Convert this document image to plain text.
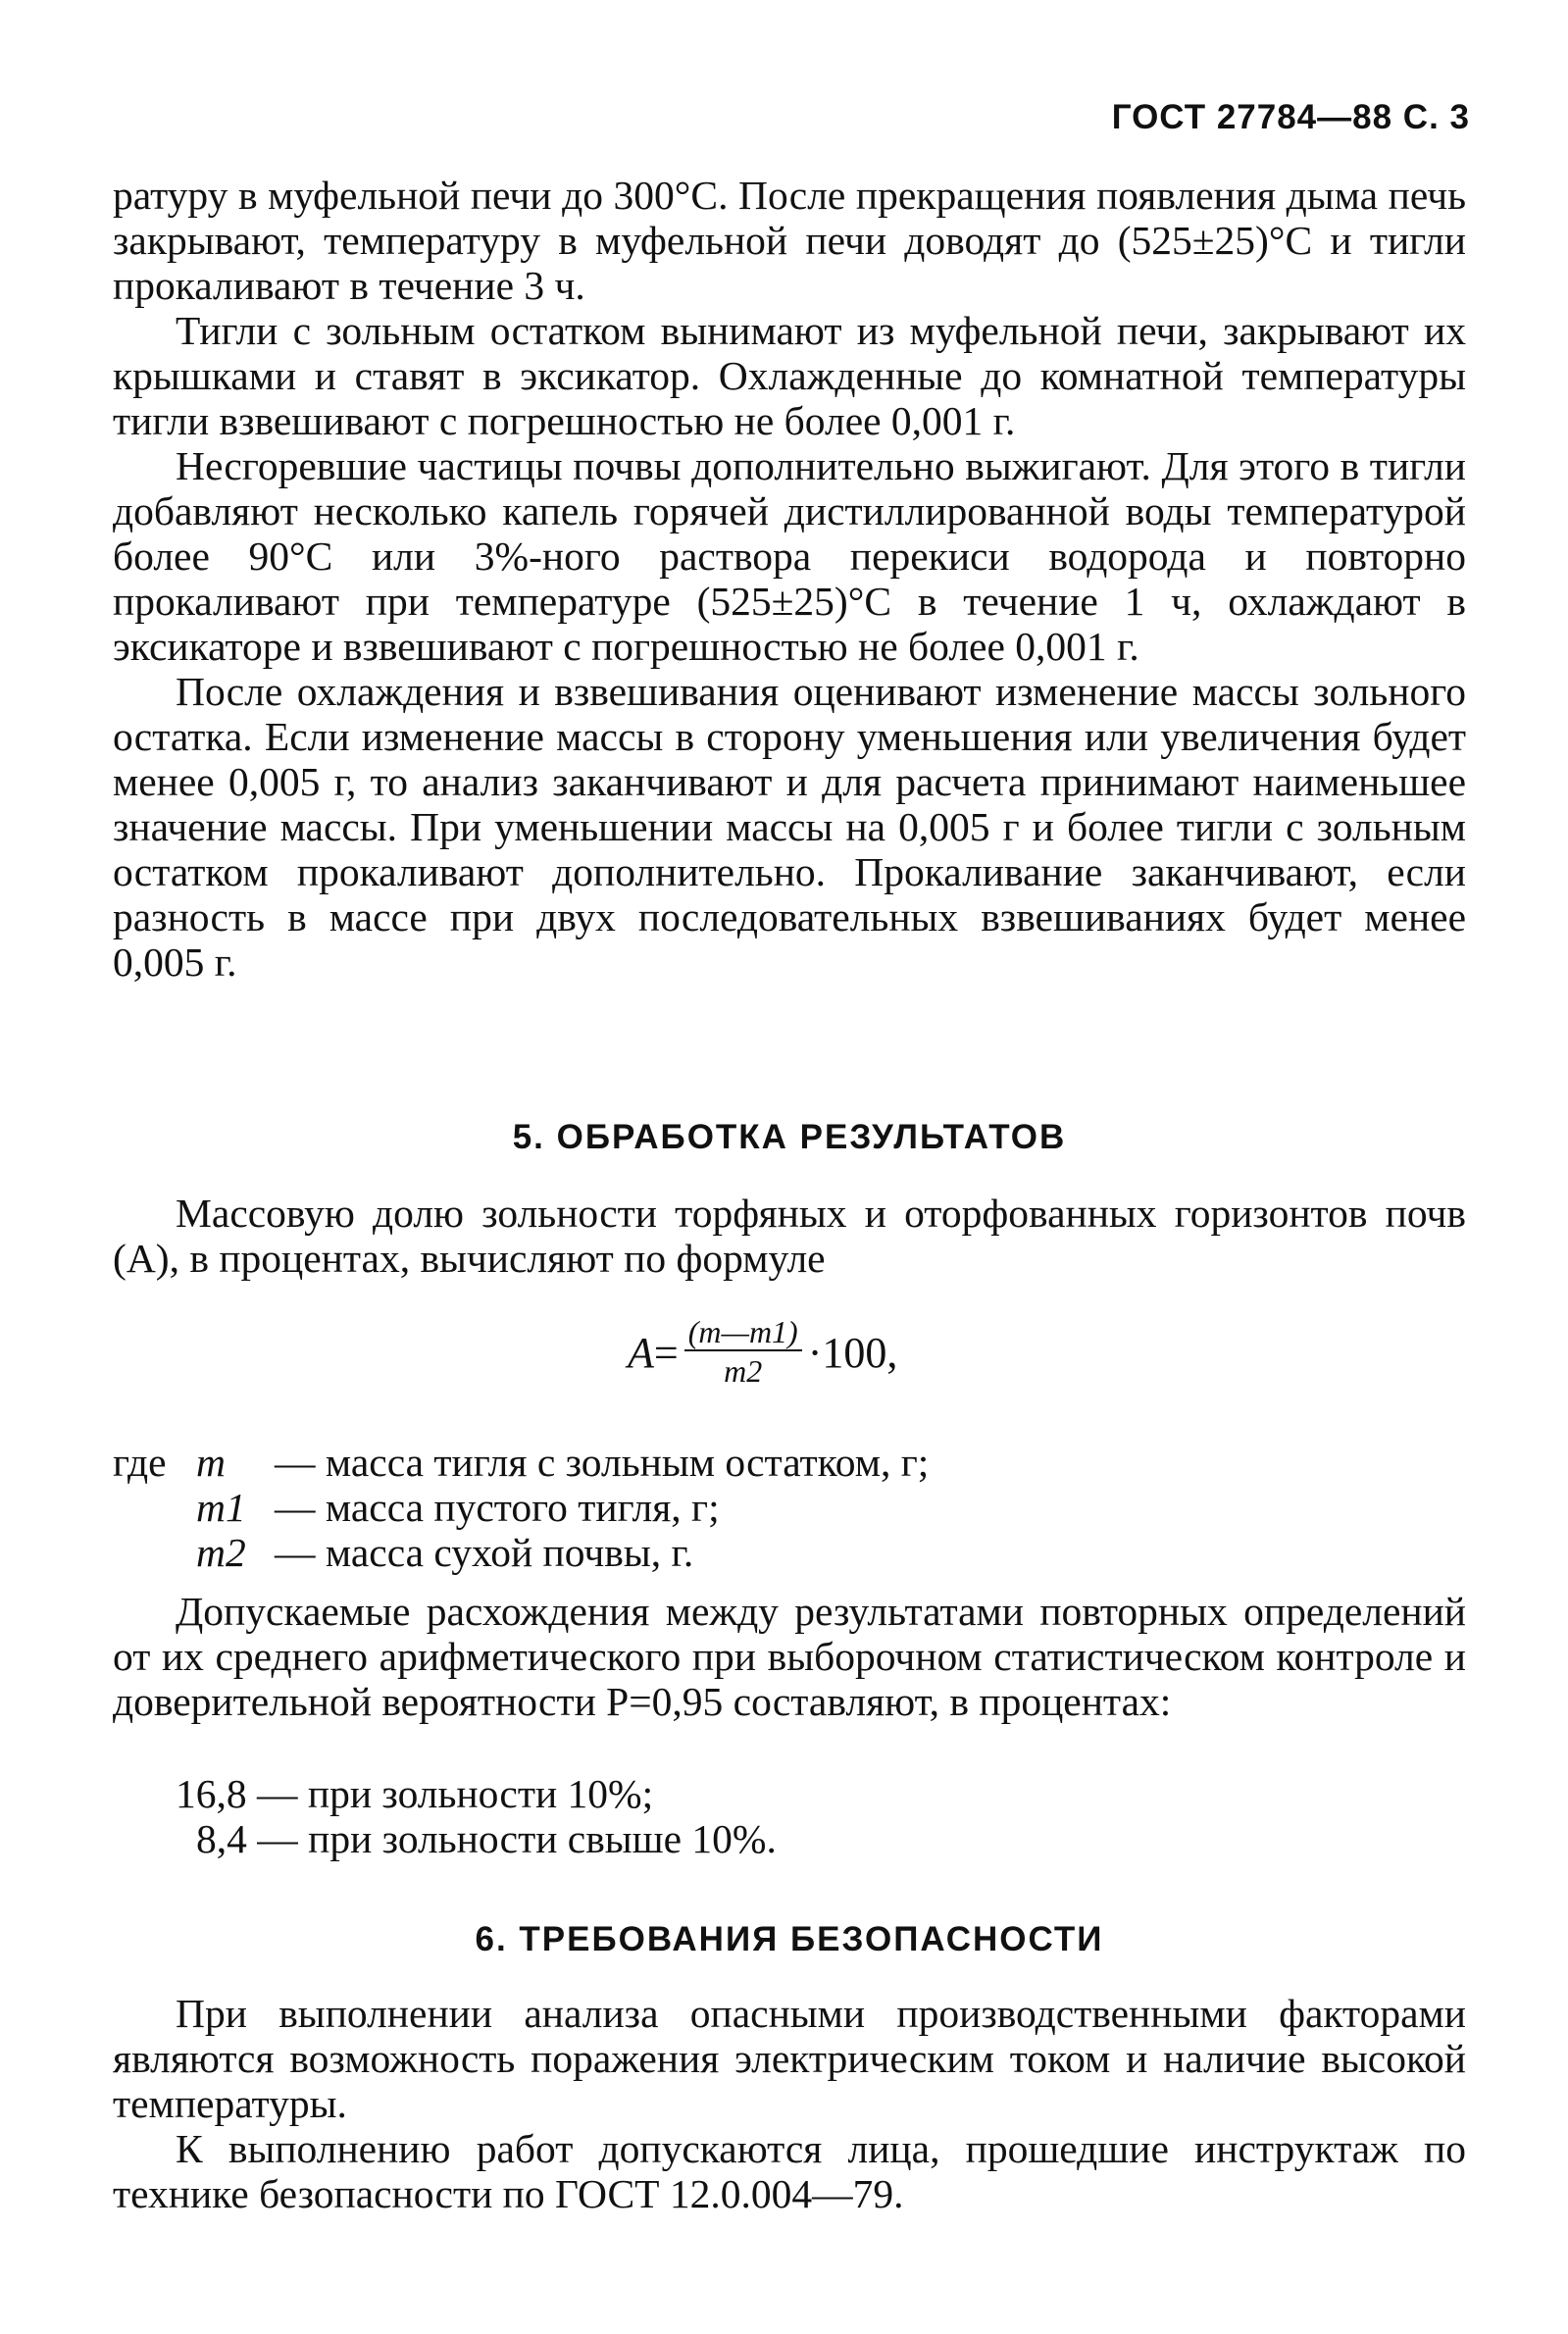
ГОСТ 27784—88 С. 3

ратуру в муфельной печи до 300°С. После прекращения появления дыма печь закрывают, температуру в муфельной печи доводят до (525±25)°С и тигли прокаливают в течение 3 ч.

Тигли с зольным остатком вынимают из муфельной печи, закрывают их крышками и ставят в эксикатор. Охлажденные до комнатной температуры тигли взвешивают с погрешностью не более 0,001 г.

Несгоревшие частицы почвы дополнительно выжигают. Для этого в тигли добавляют несколько капель горячей дистиллированной воды температурой более 90°С или 3%-ного раствора перекиси водорода и повторно прокаливают при температуре (525±25)°С в течение 1 ч, охлаждают в эксикаторе и взвешивают с погрешностью не более 0,001 г.

После охлаждения и взвешивания оценивают изменение массы зольного остатка. Если изменение массы в сторону уменьшения или увеличения будет менее 0,005 г, то анализ заканчивают и для расчета принимают наименьшее значение массы. При уменьшении массы на 0,005 г и более тигли с зольным остатком прокаливают дополнительно. Прокаливание заканчивают, если разность в массе при двух последовательных взвешиваниях будет менее 0,005 г.

5. ОБРАБОТКА РЕЗУЛЬТАТОВ

Массовую долю зольности торфяных и оторфованных горизонтов почв (A), в процентах, вычисляют по формуле

$A = \frac{(m—m1)}{m2} \cdot 100$,
где m — масса тигля с зольным остатком, г;
m1 — масса пустого тигля, г;
m2 — масса сухой почвы, г.

Допускаемые расхождения между результатами повторных определений от их среднего арифметического при выборочном статистическом контроле и доверительной вероятности P=0,95 составляют, в процентах:

16,8 — при зольности 10%;
8,4 — при зольности свыше 10%.
6. ТРЕБОВАНИЯ БЕЗОПАСНОСТИ

При выполнении анализа опасными производственными факторами являются возможность поражения электрическим током и наличие высокой температуры.

К выполнению работ допускаются лица, прошедшие инструктаж по технике безопасности по ГОСТ 12.0.004—79.
